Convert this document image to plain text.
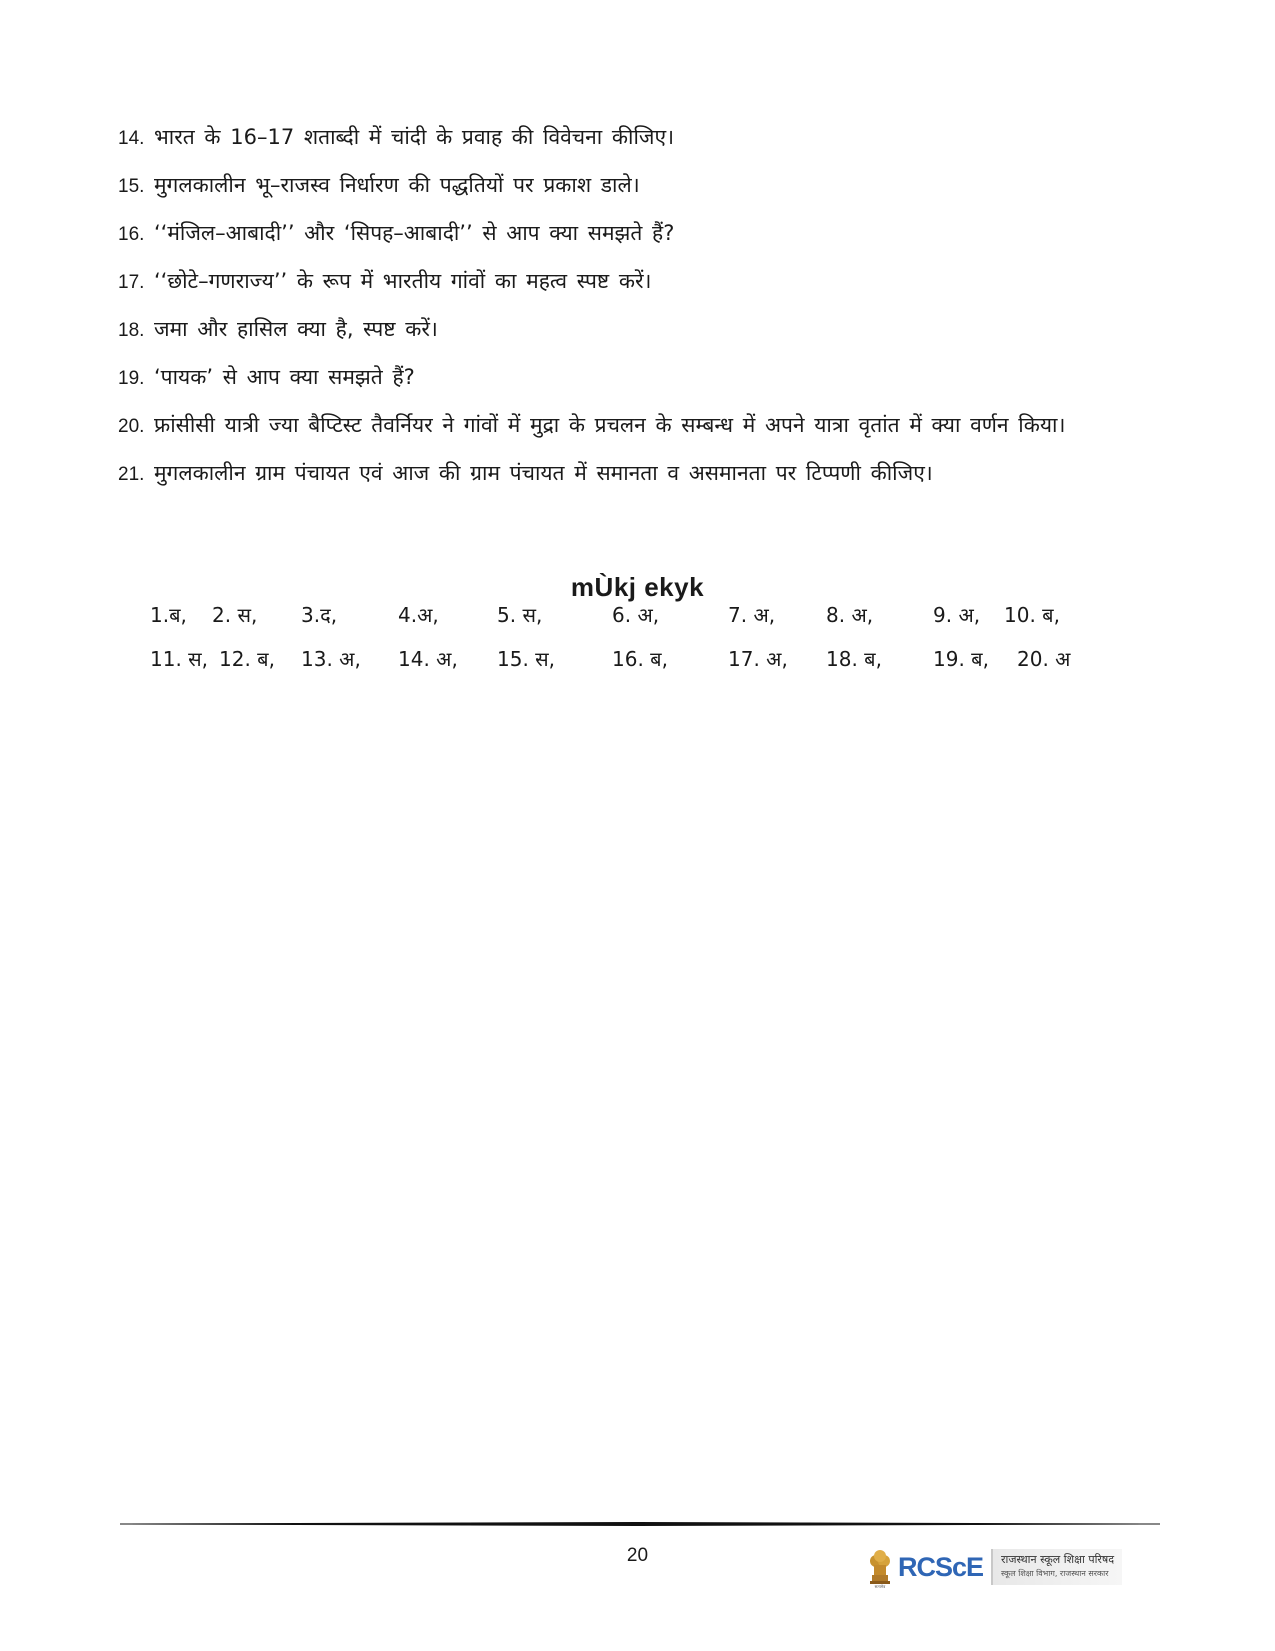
14. भारत के 16–17 शताब्दी में चांदी के प्रवाह की विवेचना कीजिए।
15. मुगलकालीन भू–राजस्व निर्धारण की पद्धतियों पर प्रकाश डाले।
16. ‘‘मंजिल–आबादी’’ और ‘सिपह–आबादी’’ से आप क्या समझते हैं?
17. ‘‘छोटे–गणराज्य’’ के रूप में भारतीय गांवों का महत्व स्पष्ट करें।
18. जमा और हासिल क्या है, स्पष्ट करें।
19. ‘पायक’ से आप क्या समझते हैं?
20. फ्रांसीसी यात्री ज्या बैप्टिस्ट तैवर्नियर ने गांवों में मुद्रा के प्रचलन के सम्बन्ध में अपने यात्रा वृतांत में क्या वर्णन किया।
21. मुगलकालीन ग्राम पंचायत एवं आज की ग्राम पंचायत में समानता व असमानता पर टिप्पणी कीजिए।
mÙkj ekyk
1.ब, 2. स, 3.द,	4.अ,	5. स,	6. अ,	7. अ,	8. अ,	9. अ, 10. ब,
11. स, 12. ब, 13. अ, 14. अ, 15. स,	16. ब,	17. अ, 18. ब,	19. ब, 20. अ
20
सत्यमेव
RCScE राजस्थान स्कूल शिक्षा परिषद
स्कूल शिक्षा विभाग, राजस्थान सरकार
